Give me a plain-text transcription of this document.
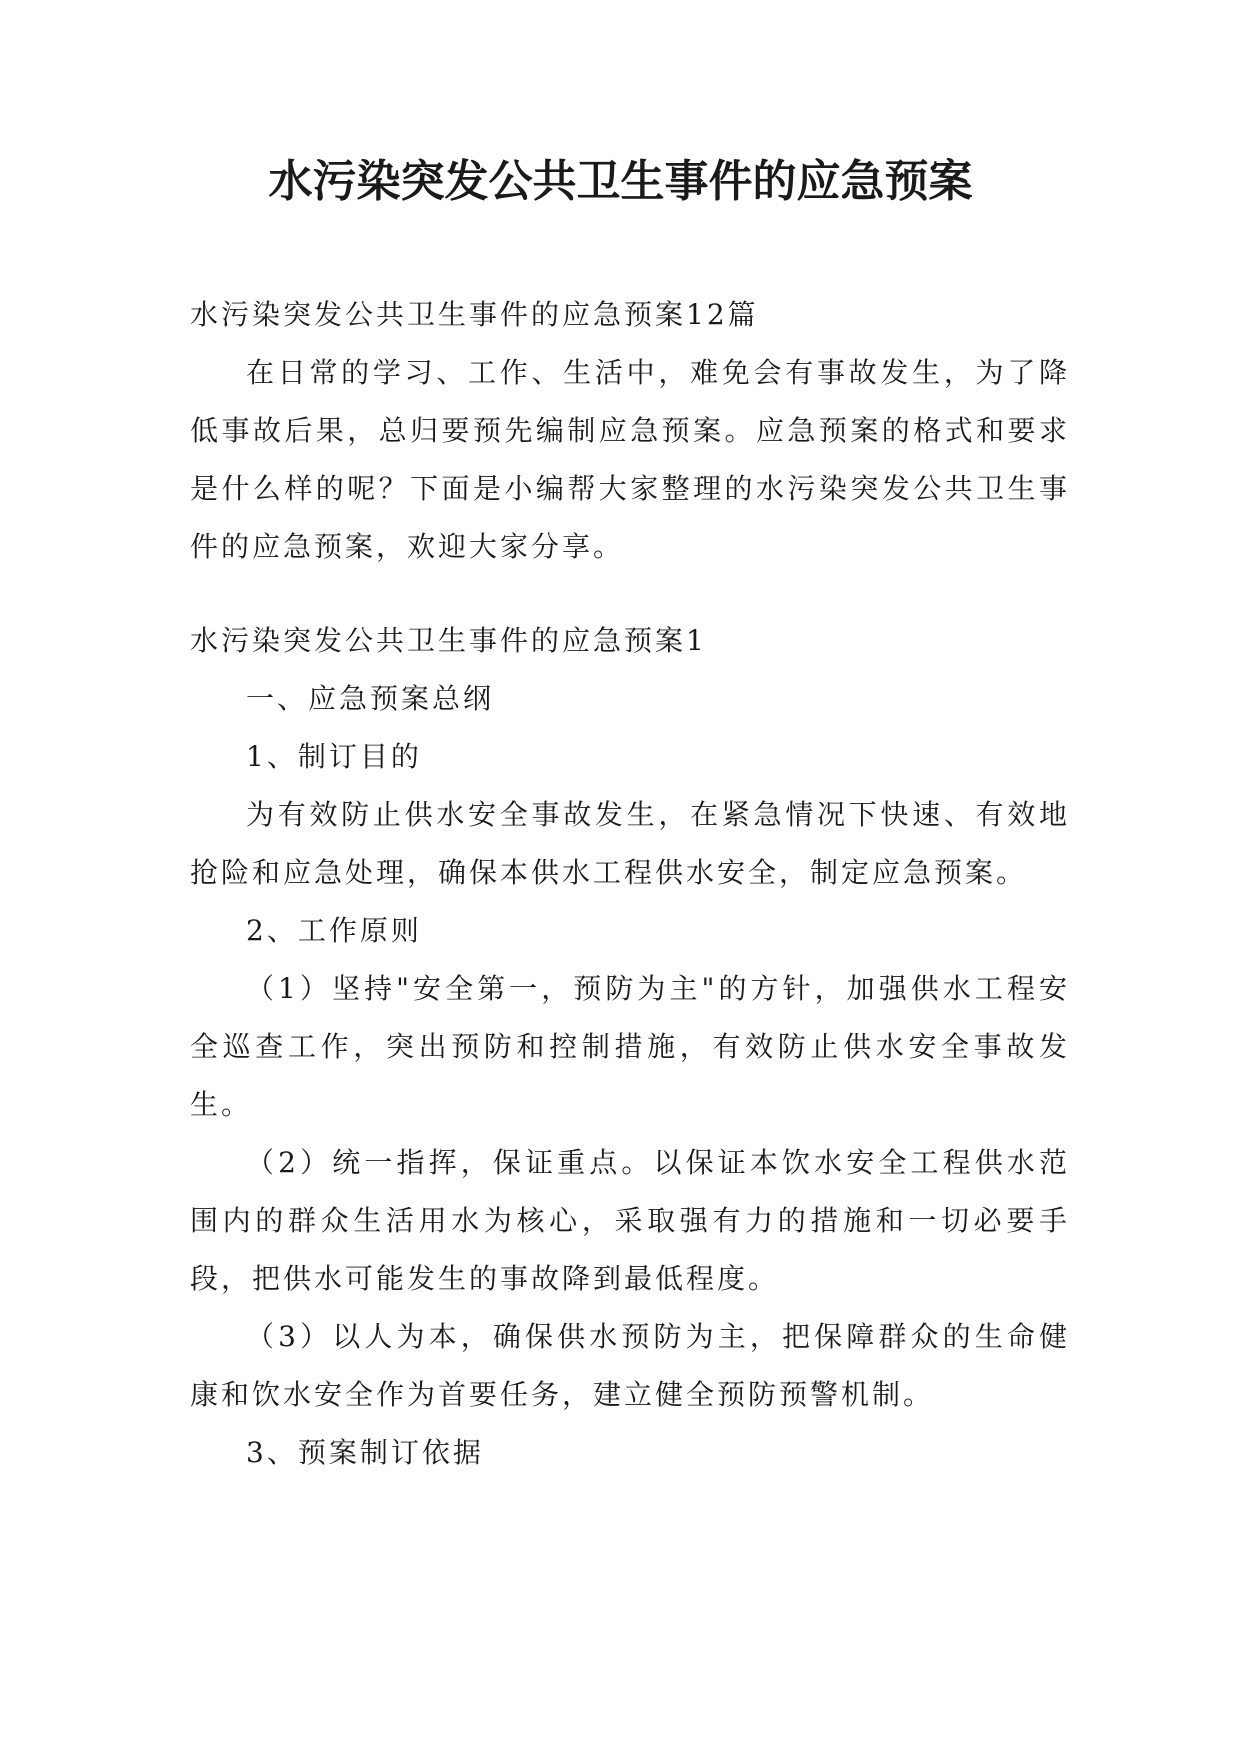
水污染突发公共卫生事件的应急预案

水污染突发公共卫生事件的应急预案12篇

在日常的学习、工作、生活中，难免会有事故发生，为了降低事故后果，总归要预先编制应急预案。应急预案的格式和要求是什么样的呢？下面是小编帮大家整理的水污染突发公共卫生事件的应急预案，欢迎大家分享。

水污染突发公共卫生事件的应急预案1

一、应急预案总纲

1、制订目的

为有效防止供水安全事故发生，在紧急情况下快速、有效地抢险和应急处理，确保本供水工程供水安全，制定应急预案。

2、工作原则

（1）坚持"安全第一，预防为主"的方针，加强供水工程安全巡查工作，突出预防和控制措施，有效防止供水安全事故发生。

（2）统一指挥，保证重点。以保证本饮水安全工程供水范围内的群众生活用水为核心，采取强有力的措施和一切必要手段，把供水可能发生的事故降到最低程度。

（3）以人为本，确保供水预防为主，把保障群众的生命健康和饮水安全作为首要任务，建立健全预防预警机制。

3、预案制订依据
